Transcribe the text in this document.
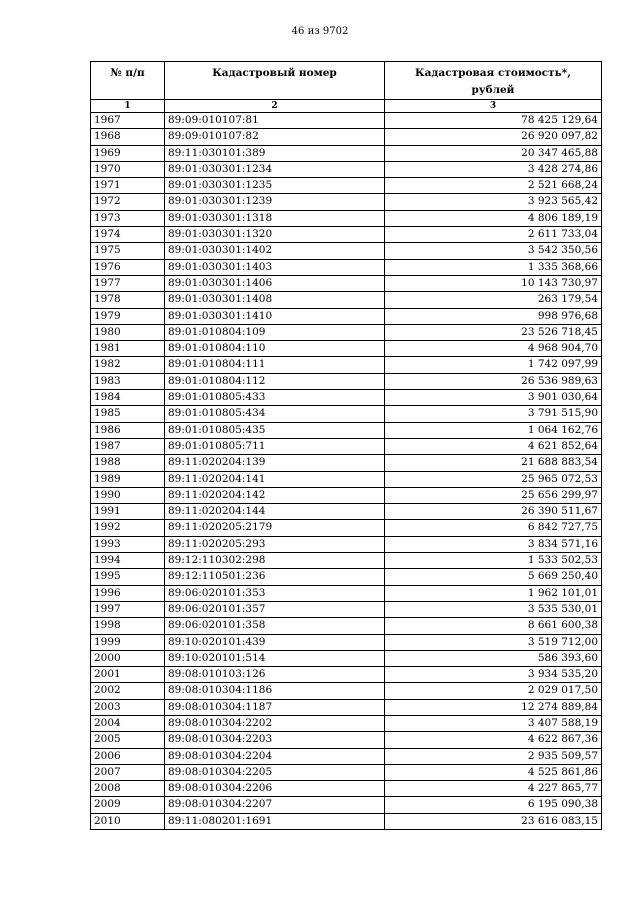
46 из 9702
№ п/п	Кадастровый номер	Кадастровая стоимость*,
рублей
1	2	3
1967	89:09:010107:81	78 425 129,64
1968	89:09:010107:82	26 920 097,82
1969	89:11:030101:389	20 347 465,88
1970	89:01:030301:1234	3 428 274,86
1971	89:01:030301:1235	2 521 668,24
1972	89:01:030301:1239	3 923 565,42
1973	89:01:030301:1318	4 806 189,19
1974	89:01:030301:1320	2 611 733,04
1975	89:01:030301:1402	3 542 350,56
1976	89:01:030301:1403	1 335 368,66
1977	89:01:030301:1406	10 143 730,97
1978	89:01:030301:1408	263 179,54
1979	89:01:030301:1410	998 976,68
1980	89:01:010804:109	23 526 718,45
1981	89:01:010804:110	4 968 904,70
1982	89:01:010804:111	1 742 097,99
1983	89:01:010804:112	26 536 989,63
1984	89:01:010805:433	3 901 030,64
1985	89:01:010805:434	3 791 515,90
1986	89:01:010805:435	1 064 162,76
1987	89:01:010805:711	4 621 852,64
1988	89:11:020204:139	21 688 883,54
1989	89:11:020204:141	25 965 072,53
1990	89:11:020204:142	25 656 299,97
1991	89:11:020204:144	26 390 511,67
1992	89:11:020205:2179	6 842 727,75
1993	89:11:020205:293	3 834 571,16
1994	89:12:110302:298	1 533 502,53
1995	89:12:110501:236	5 669 250,40
1996	89:06:020101:353	1 962 101,01
1997	89:06:020101:357	3 535 530,01
1998	89:06:020101:358	8 661 600,38
1999	89:10:020101:439	3 519 712,00
2000	89:10:020101:514	586 393,60
2001	89:08:010103:126	3 934 535,20
2002	89:08:010304:1186	2 029 017,50
2003	89:08:010304:1187	12 274 889,84
2004	89:08:010304:2202	3 407 588,19
2005	89:08:010304:2203	4 622 867,36
2006	89:08:010304:2204	2 935 509,57
2007	89:08:010304:2205	4 525 861,86
2008	89:08:010304:2206	4 227 865,77
2009	89:08:010304:2207	6 195 090,38
2010	89:11:080201:1691	23 616 083,15
